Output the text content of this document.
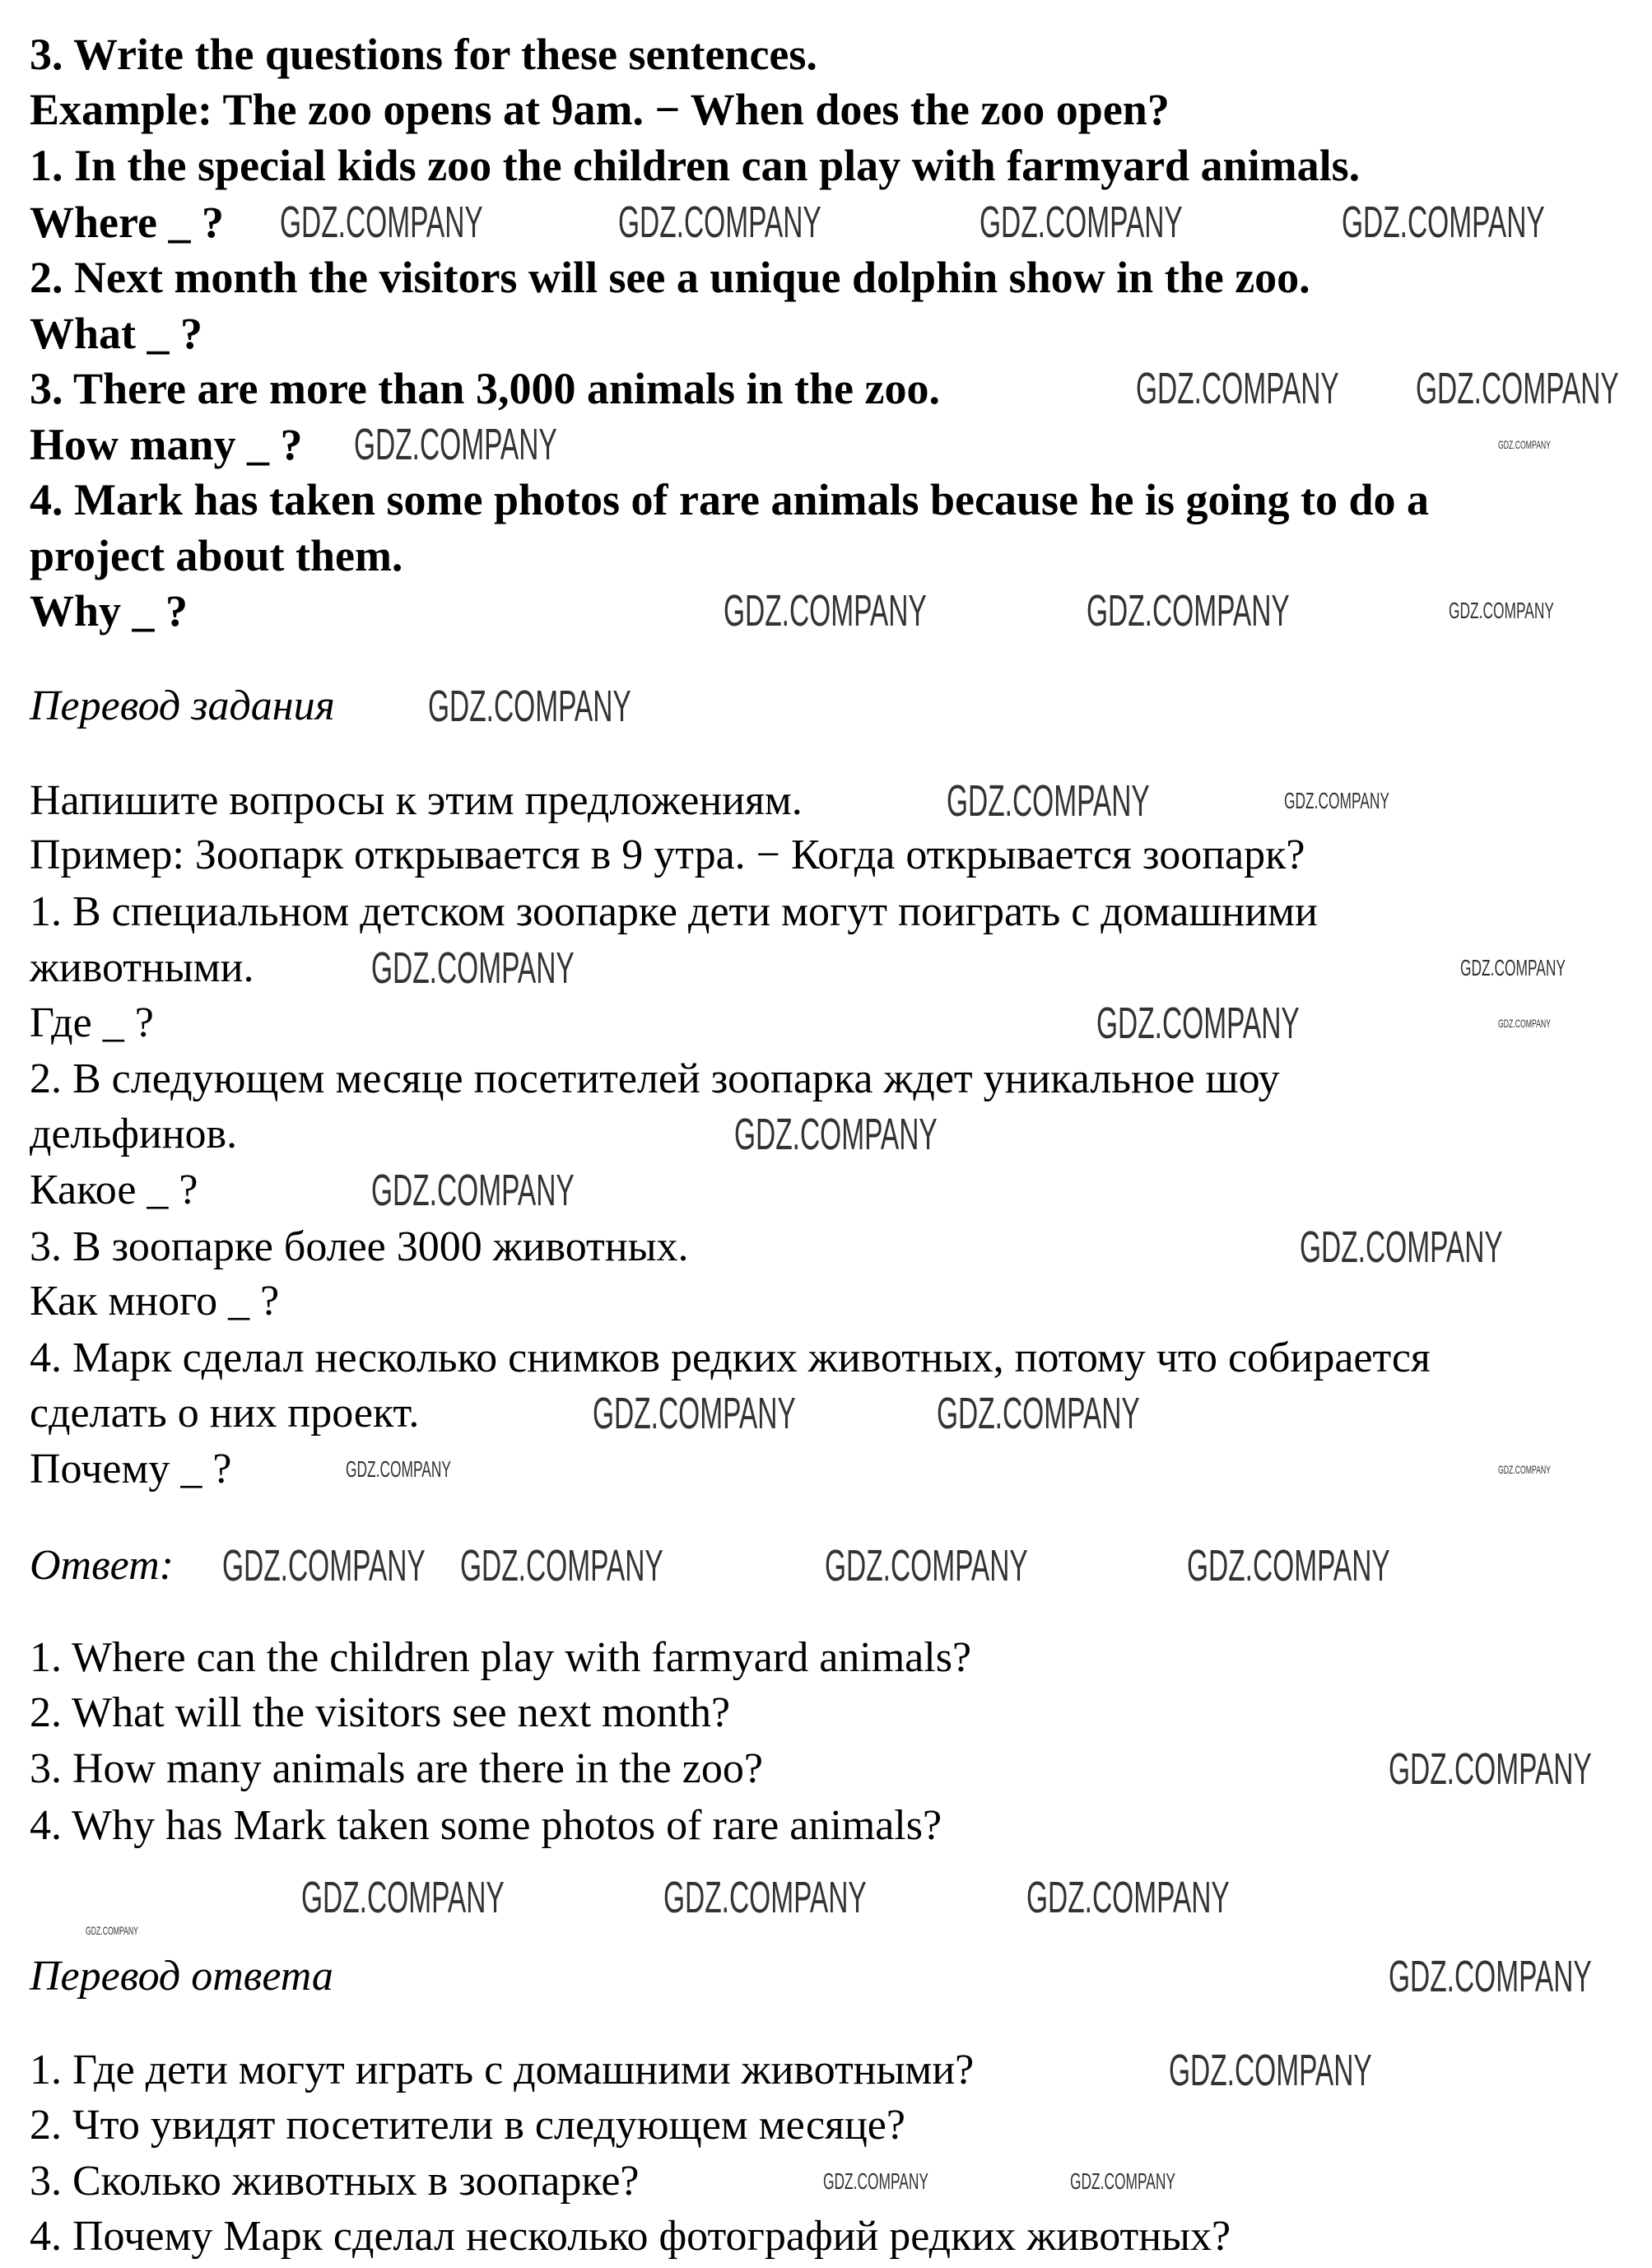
3. Write the questions for these sentences.
Example: The zoo opens at 9am. − When does the zoo open?
1. In the special kids zoo the children can play with farmyard animals.
Where _ ?
2. Next month the visitors will see a unique dolphin show in the zoo.
What _ ?
3. There are more than 3,000 animals in the zoo.
How many _ ?
4. Mark has taken some photos of rare animals because he is going to do a
project about them.
Why _ ?
Перевод задания
Напишите вопросы к этим предложениям.
Пример: Зоопарк открывается в 9 утра. − Когда открывается зоопарк?
1. В специальном детском зоопарке дети могут поиграть с домашними
животными.
Где _ ?
2. В следующем месяце посетителей зоопарка ждет уникальное шоу
дельфинов.
Какое _ ?
3. В зоопарке более 3000 животных.
Как много _ ?
4. Марк сделал несколько снимков редких животных, потому что собирается
сделать о них проект.
Почему _ ?
Ответ:
1. Where can the children play with farmyard animals?
2. What will the visitors see next month?
3. How many animals are there in the zoo?
4. Why has Mark taken some photos of rare animals?
Перевод ответа
1. Где дети могут играть с домашними животными?
2. Что увидят посетители в следующем месяце?
3. Сколько животных в зоопарке?
4. Почему Марк сделал несколько фотографий редких животных?
GDZ.COMPANY	GDZ.COMPANY	GDZ.COMPANY	GDZ.COMPANY
GDZ.COMPANY GDZ.COMPANY
GDZ.COMPANY
GDZ.COMPANY	GDZ.COMPANY	GDZ.COMPANY
GDZ.COMPANY
GDZ.COMPANY	GDZ.COMPANY
GDZ.COMPANY	GDZ.COMPANY
GDZ.COMPANY
GDZ.COMPANY
GDZ.COMPANY
GDZ.COMPANY
GDZ.COMPANY	GDZ.COMPANY
GDZ.COMPANY
GDZ.COMPANY	GDZ.COMPANY	GDZ.COMPANY
GDZ.COMPANY
GDZ.COMPANY
GDZ.COMPANY	GDZ.COMPANY	GDZ.COMPANY
GDZ.COMPANY
GDZ.COMPANY
GDZ.COMPANY	GDZ.COMPANY
GDZ.COMPANY
GDZ.COMPANY
GDZ.COMPANY
GDZ.COMPANY
